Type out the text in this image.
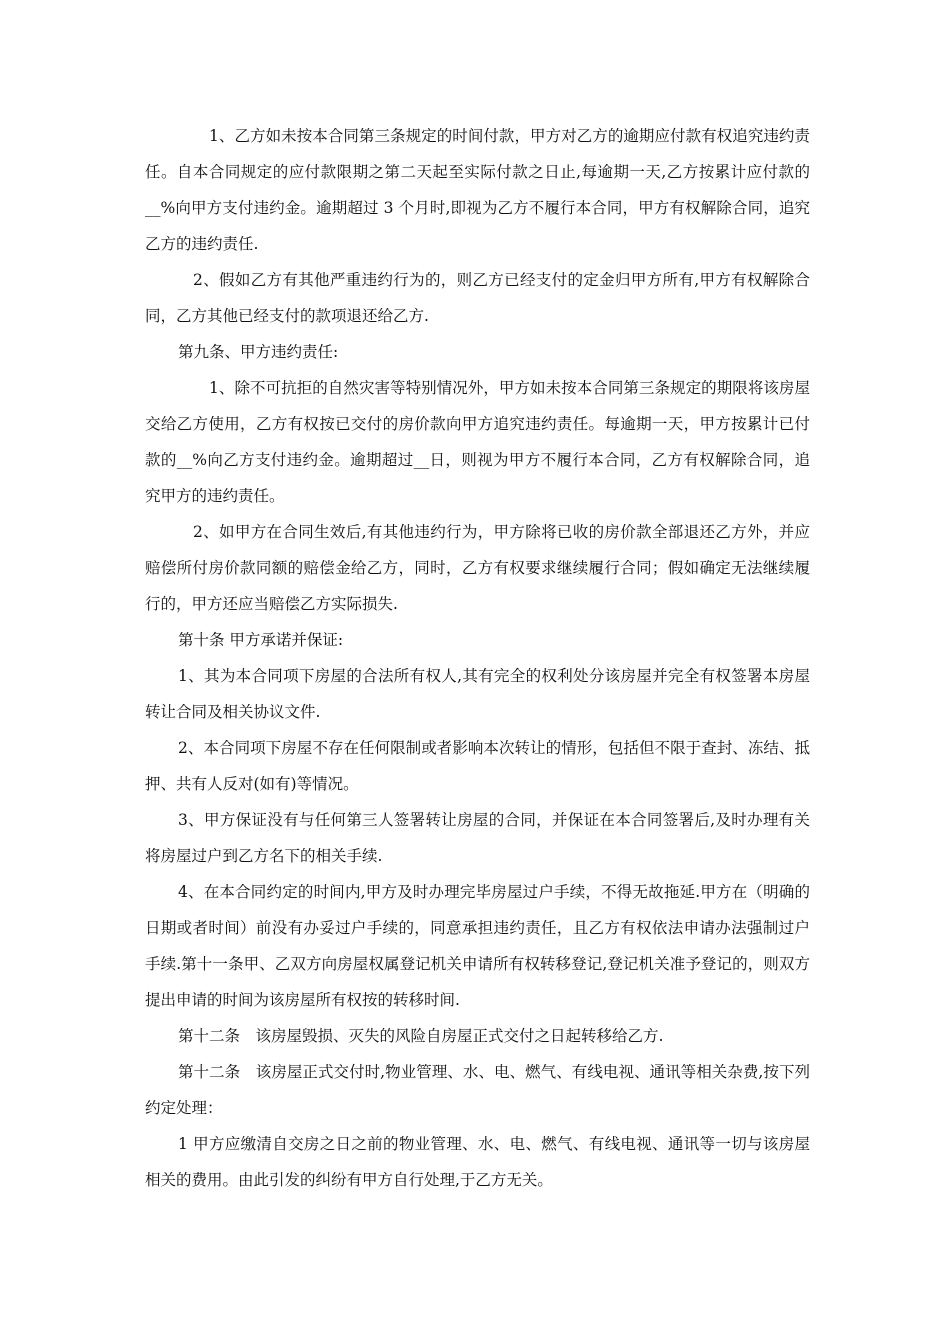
1、乙方如未按本合同第三条规定的时间付款，甲方对乙方的逾期应付款有权追究违约责任。自本合同规定的应付款限期之第二天起至实际付款之日止,每逾期一天,乙方按累计应付款的__%向甲方支付违约金。逾期超过 3 个月时,即视为乙方不履行本合同，甲方有权解除合同，追究乙方的违约责任.

2、假如乙方有其他严重违约行为的，则乙方已经支付的定金归甲方所有,甲方有权解除合同，乙方其他已经支付的款项退还给乙方.

第九条、甲方违约责任:

1、除不可抗拒的自然灾害等特别情况外，甲方如未按本合同第三条规定的期限将该房屋交给乙方使用，乙方有权按已交付的房价款向甲方追究违约责任。每逾期一天，甲方按累计已付款的__%向乙方支付违约金。逾期超过__日，则视为甲方不履行本合同，乙方有权解除合同，追究甲方的违约责任。

2、如甲方在合同生效后,有其他违约行为，甲方除将已收的房价款全部退还乙方外，并应赔偿所付房价款同额的赔偿金给乙方，同时，乙方有权要求继续履行合同；假如确定无法继续履行的，甲方还应当赔偿乙方实际损失.

第十条 甲方承诺并保证:

1、其为本合同项下房屋的合法所有权人,其有完全的权利处分该房屋并完全有权签署本房屋转让合同及相关协议文件.

2、本合同项下房屋不存在任何限制或者影响本次转让的情形，包括但不限于查封、冻结、抵押、共有人反对(如有)等情况。

3、甲方保证没有与任何第三人签署转让房屋的合同，并保证在本合同签署后,及时办理有关将房屋过户到乙方名下的相关手续.

4、在本合同约定的时间内,甲方及时办理完毕房屋过户手续，不得无故拖延.甲方在（明确的日期或者时间）前没有办妥过户手续的，同意承担违约责任，且乙方有权依法申请办法强制过户手续.第十一条甲、乙双方向房屋权属登记机关申请所有权转移登记,登记机关准予登记的，则双方提出申请的时间为该房屋所有权按的转移时间.

第十二条　该房屋毁损、灭失的风险自房屋正式交付之日起转移给乙方.

第十二条　该房屋正式交付时,物业管理、水、电、燃气、有线电视、通讯等相关杂费,按下列约定处理：

1 甲方应缴清自交房之日之前的物业管理、水、电、燃气、有线电视、通讯等一切与该房屋相关的费用。由此引发的纠纷有甲方自行处理,于乙方无关。
